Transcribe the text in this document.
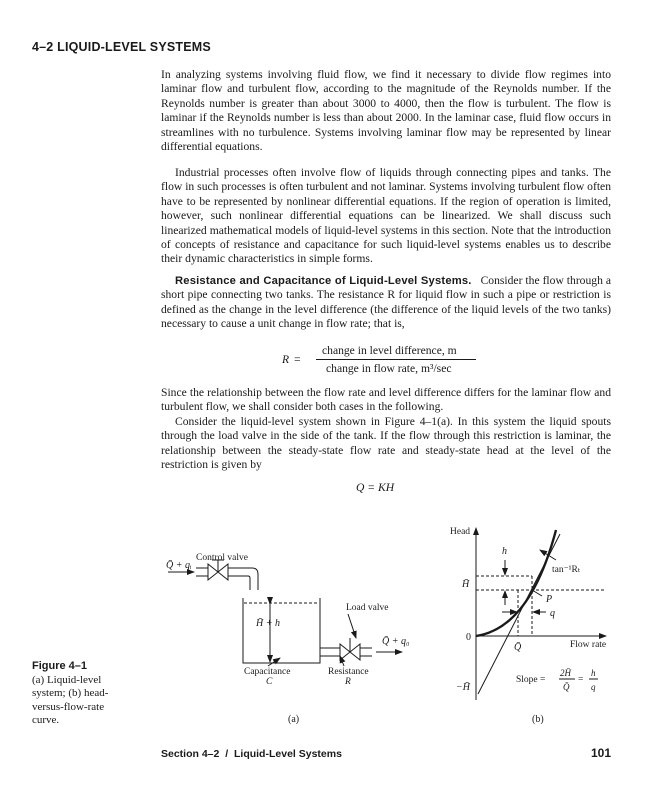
4–2 LIQUID-LEVEL SYSTEMS

In analyzing systems involving fluid flow, we find it necessary to divide flow regimes into laminar flow and turbulent flow, according to the magnitude of the Reynolds number. If the Reynolds number is greater than about 3000 to 4000, then the flow is turbulent. The flow is laminar if the Reynolds number is less than about 2000. In the laminar case, fluid flow occurs in streamlines with no turbulence. Systems involving laminar flow may be represented by linear differential equations.

Industrial processes often involve flow of liquids through connecting pipes and tanks. The flow in such processes is often turbulent and not laminar. Systems involving turbulent flow often have to be represented by nonlinear differential equations. If the region of operation is limited, however, such nonlinear differential equations can be linearized. We shall discuss such linearized mathematical models of liquid-level systems in this section. Note that the introduction of concepts of resistance and capacitance for such liquid-level systems enables us to describe their dynamic characteristics in simple forms.

Resistance and Capacitance of Liquid-Level Systems. Consider the flow through a short pipe connecting two tanks. The resistance R for liquid flow in such a pipe or restriction is defined as the change in the level difference (the difference of the liquid levels of the two tanks) necessary to cause a unit change in flow rate; that is,

R =
change in level difference, m
change in flow rate, m³/sec

Since the relationship between the flow rate and level difference differs for the laminar flow and turbulent flow, we shall consider both cases in the following.

Consider the liquid-level system shown in Figure 4–1(a). In this system the liquid spouts through the load valve in the side of the tank. If the flow through this restriction is laminar, the relationship between the steady-state flow rate and steady-state head at the level of the restriction is given by

Q = KH
Figure 4–1
(a) Liquid-level system; (b) head-versus-flow-rate curve.
Control valve
Q̄ + qᵢ
H̄ + h
Load valve
Q̄ + q₀
Capacitance
C
Resistance
R
(a)
Head
Flow rate
0
h
H̄
−H̄
Q̄
q
P
tan⁻¹Rₜ
Slope =
2H̄
Q̄
=
h
q
(b)
Section 4–2 / Liquid-Level Systems	101
